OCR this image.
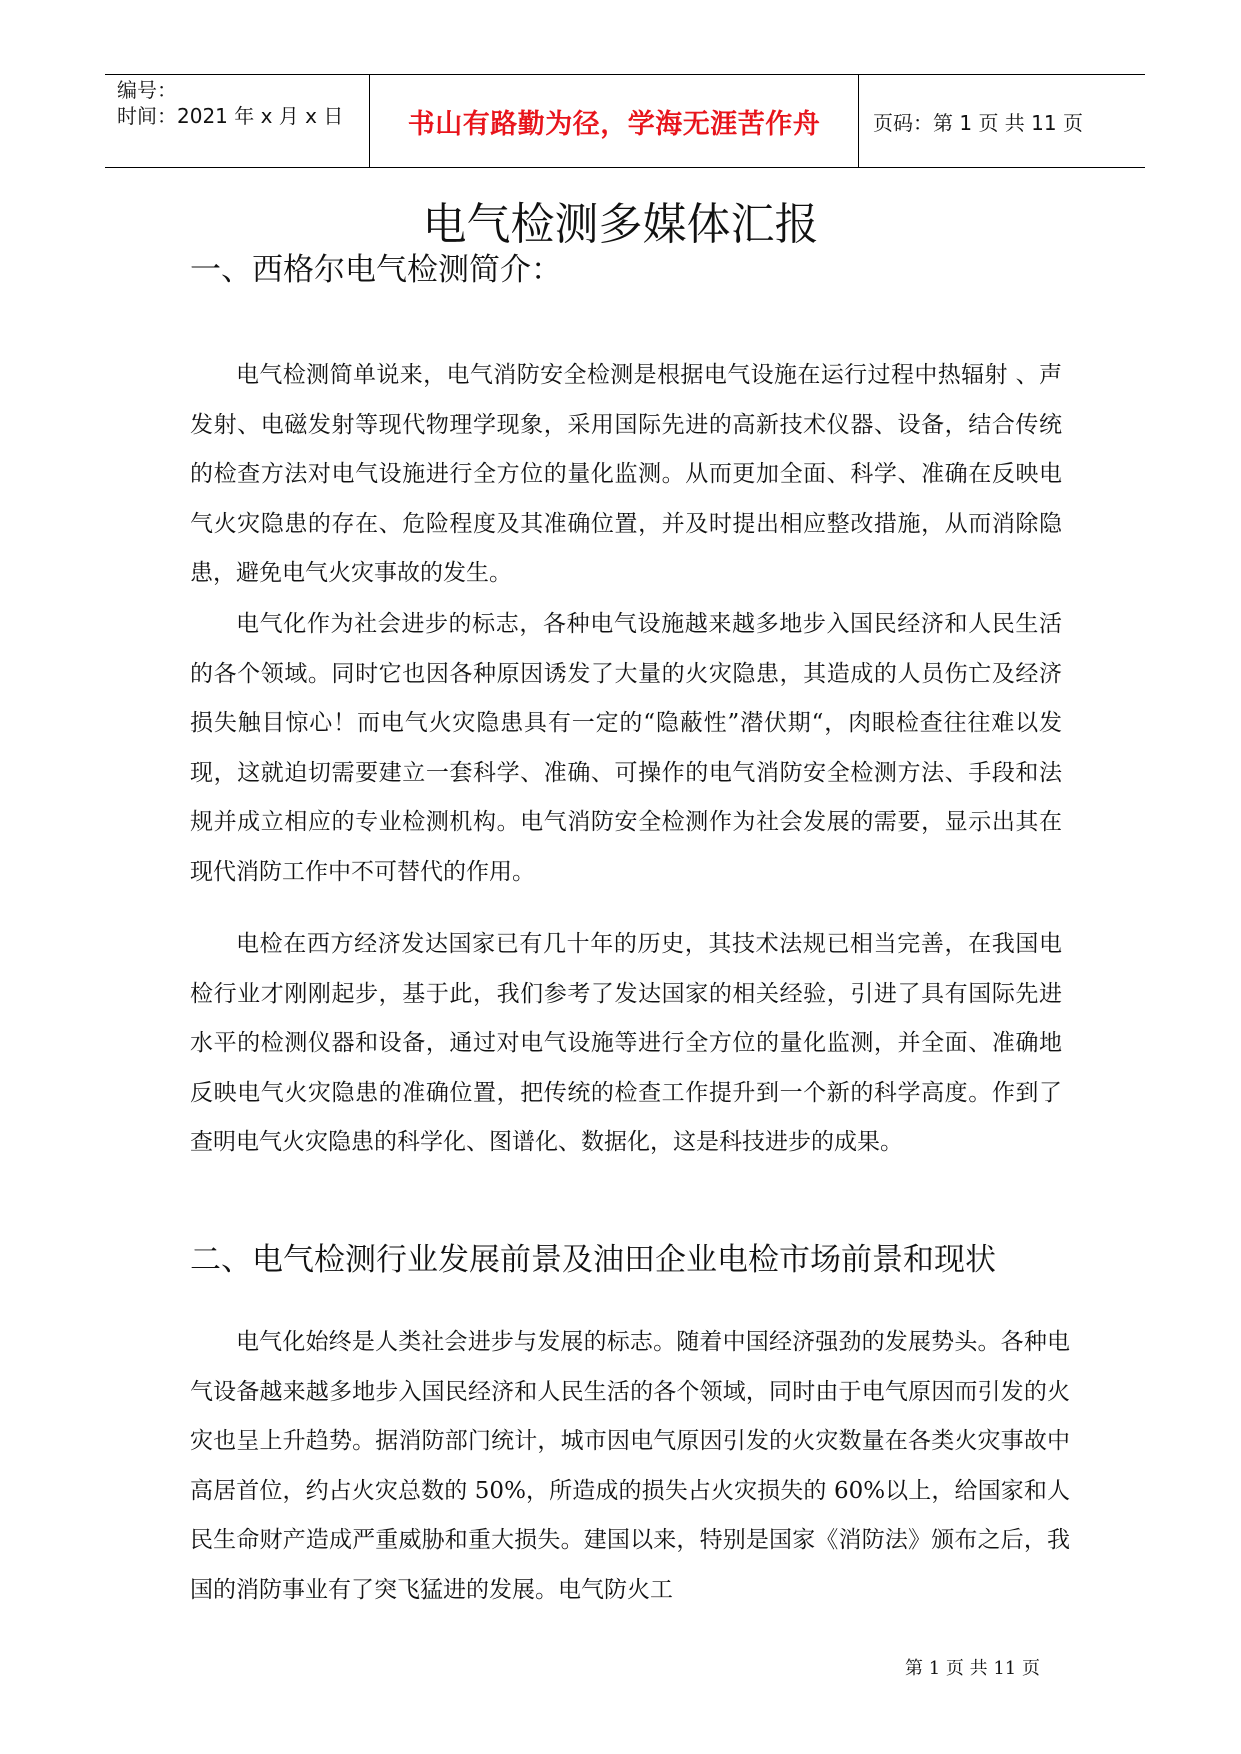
编号：
时间：2021 年 x 月 x 日	书山有路勤为径，学海无涯苦作舟	页码：第 1 页 共 11 页
电气检测多媒体汇报
一、西格尔电气检测简介：
电气检测简单说来，电气消防安全检测是根据电气设施在运行过程中热辐射 、声发射、电磁发射等现代物理学现象，采用国际先进的高新技术仪器、设备，结合传统的检查方法对电气设施进行全方位的量化监测。从而更加全面、科学、准确在反映电气火灾隐患的存在、危险程度及其准确位置，并及时提出相应整改措施，从而消除隐患，避免电气火灾事故的发生。
电气化作为社会进步的标志，各种电气设施越来越多地步入国民经济和人民生活的各个领域。同时它也因各种原因诱发了大量的火灾隐患，其造成的人员伤亡及经济损失触目惊心！而电气火灾隐患具有一定的“隐蔽性”潜伏期“，肉眼检查往往难以发现，这就迫切需要建立一套科学、准确、可操作的电气消防安全检测方法、手段和法规并成立相应的专业检测机构。电气消防安全检测作为社会发展的需要，显示出其在现代消防工作中不可替代的作用。
电检在西方经济发达国家已有几十年的历史，其技术法规已相当完善，在我国电检行业才刚刚起步，基于此，我们参考了发达国家的相关经验，引进了具有国际先进水平的检测仪器和设备，通过对电气设施等进行全方位的量化监测，并全面、准确地反映电气火灾隐患的准确位置，把传统的检查工作提升到一个新的科学高度。作到了查明电气火灾隐患的科学化、图谱化、数据化，这是科技进步的成果。
二、电气检测行业发展前景及油田企业电检市场前景和现状
电气化始终是人类社会进步与发展的标志。随着中国经济强劲的发展势头。各种电气设备越来越多地步入国民经济和人民生活的各个领域，同时由于电气原因而引发的火灾也呈上升趋势。据消防部门统计，城市因电气原因引发的火灾数量在各类火灾事故中高居首位，约占火灾总数的 50%，所造成的损失占火灾损失的 60%以上，给国家和人民生命财产造成严重威胁和重大损失。建国以来，特别是国家《消防法》颁布之后，我国的消防事业有了突飞猛进的发展。电气防火工
第 1 页 共 11 页
